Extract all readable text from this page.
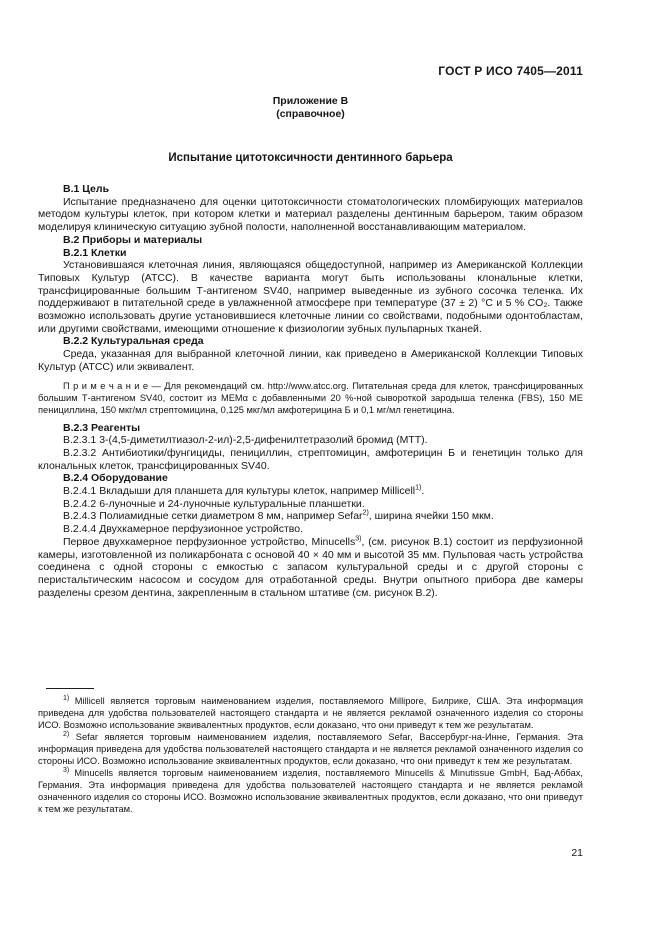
ГОСТ Р ИСО 7405—2011
Приложение В
(справочное)
Испытание цитотоксичности дентинного барьера

В.1 Цель

Испытание предназначено для оценки цитотоксичности стоматологических пломбирующих материалов методом культуры клеток, при котором клетки и материал разделены дентинным барьером, таким образом моделируя клиническую ситуацию зубной полости, наполненной восстанавливающим материалом.

В.2 Приборы и материалы

В.2.1 Клетки

Установившаяся клеточная линия, являющаяся общедоступной, например из Американской Коллекции Типовых Культур (АТСС). В качестве варианта могут быть использованы клональные клетки, трансфицированные большим Т-антигеном SV40, например выведенные из зубного сосочка теленка. Их поддерживают в питательной среде в увлажненной атмосфере при температуре (37 ± 2) °С и 5 % CO₂. Также возможно использовать другие установившиеся клеточные линии со свойствами, подобными одонтобластам, или другими свойствами, имеющими отношение к физиологии зубных пульпарных тканей.

В.2.2 Культуральная среда

Среда, указанная для выбранной клеточной линии, как приведено в Американской Коллекции Типовых Культур (АТСС) или эквивалент.

П р и м е ч а н и е — Для рекомендаций см. http://www.atcc.org. Питательная среда для клеток, трансфицированных большим Т-антигеном SV40, состоит из MEMα с добавленными 20 %-ной сывороткой зародыша теленка (FBS), 150 МЕ пенициллина, 150 мкг/мл стрептомицина, 0,125 мкг/мл амфотерицина Б и 0,1 мг/мл генетицина.

В.2.3 Реагенты

В.2.3.1 3-(4,5-диметилтиазол-2-ил)-2,5-дифенилтетразолий бромид (МТТ).

В.2.3.2 Антибиотики/фунгициды, пенициллин, стрептомицин, амфотерицин Б и генетицин только для клональных клеток, трансфицированных SV40.

В.2.4 Оборудование

В.2.4.1 Вкладыши для планшета для культуры клеток, например Millicell$^{1)}$.

В.2.4.2 6-луночные и 24-луночные культуральные планшетки.

В.2.4.3 Полиамидные сетки диаметром 8 мм, например Sefar$^{2)}$, ширина ячейки 150 мкм.

В.2.4.4 Двухкамерное перфузионное устройство.

Первое двухкамерное перфузионное устройство, Minucells$^{3)}$, (см. рисунок В.1) состоит из перфузионной камеры, изготовленной из поликарбоната с основой 40 × 40 мм и высотой 35 мм. Пульповая часть устройства соединена с одной стороны с емкостью с запасом культуральной среды и с другой стороны с перистальтическим насосом и сосудом для отработанной среды. Внутри опытного прибора две камеры разделены срезом дентина, закрепленным в стальном штативе (см. рисунок В.2).

$^{1)}$ Millicell является торговым наименованием изделия, поставляемого Millipore, Билрике, США. Эта информация приведена для удобства пользователей настоящего стандарта и не является рекламой означенного изделия со стороны ИСО. Возможно использование эквивалентных продуктов, если доказано, что они приведут к тем же результатам.

$^{2)}$ Sefar является торговым наименованием изделия, поставляемого Sefar, Вассербург-на-Инне, Германия. Эта информация приведена для удобства пользователей настоящего стандарта и не является рекламой означенного изделия со стороны ИСО. Возможно использование эквивалентных продуктов, если доказано, что они приведут к тем же результатам.

$^{3)}$ Minucells является торговым наименованием изделия, поставляемого Minucells & Minutissue GmbH, Бад-Аббах, Германия. Эта информация приведена для удобства пользователей настоящего стандарта и не является рекламой означенного изделия со стороны ИСО. Возможно использование эквивалентных продуктов, если доказано, что они приведут к тем же результатам.

21
